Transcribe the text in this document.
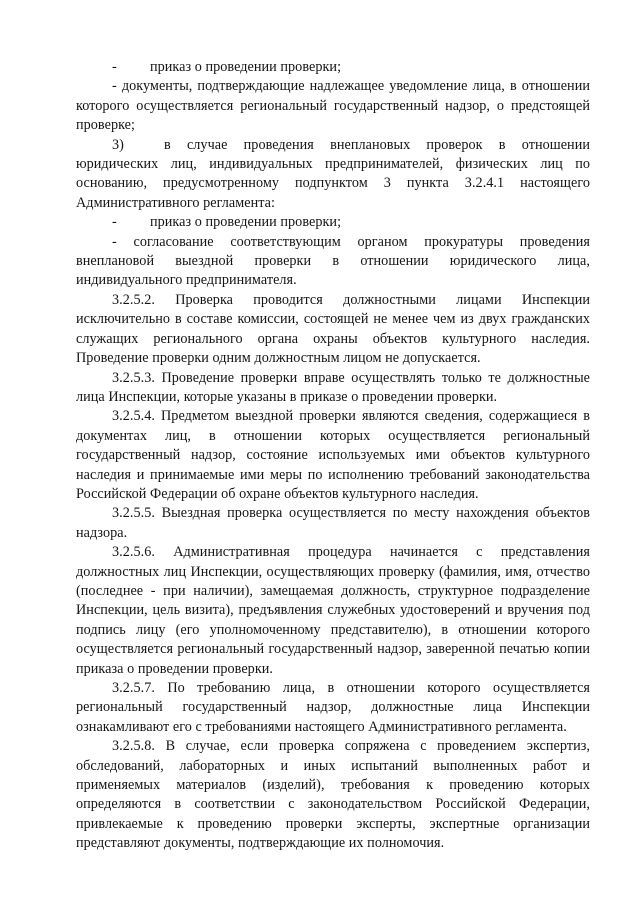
- приказ о проведении проверки;

- документы, подтверждающие надлежащее уведомление лица, в отношении которого осуществляется региональный государственный надзор, о предстоящей проверке;

3)	в случае проведения внеплановых проверок в отношении юридических лиц, индивидуальных предпринимателей, физических лиц по основанию, предусмотренному подпунктом 3 пункта 3.2.4.1 настоящего Административного регламента:

- приказ о проведении проверки;

- согласование соответствующим органом прокуратуры проведения внеплановой выездной проверки в отношении юридического лица, индивидуального предпринимателя.

3.2.5.2. Проверка проводится должностными лицами Инспекции исключительно в составе комиссии, состоящей не менее чем из двух гражданских служащих регионального органа охраны объектов культурного наследия. Проведение проверки одним должностным лицом не допускается.

3.2.5.3. Проведение проверки вправе осуществлять только те должностные лица Инспекции, которые указаны в приказе о проведении проверки.

3.2.5.4. Предметом выездной проверки являются сведения, содержащиеся в документах лиц, в отношении которых осуществляется региональный государственный надзор, состояние используемых ими объектов культурного наследия и принимаемые ими меры по исполнению требований законодательства Российской Федерации об охране объектов культурного наследия.

3.2.5.5. Выездная проверка осуществляется по месту нахождения объектов надзора.

3.2.5.6. Административная процедура начинается с представления должностных лиц Инспекции, осуществляющих проверку (фамилия, имя, отчество (последнее - при наличии), замещаемая должность, структурное подразделение Инспекции, цель визита), предъявления служебных удостоверений и вручения под подпись лицу (его уполномоченному представителю), в отношении которого осуществляется региональный государственный надзор, заверенной печатью копии приказа о проведении проверки.

3.2.5.7. По требованию лица, в отношении которого осуществляется региональный государственный надзор, должностные лица Инспекции ознакамливают его с требованиями настоящего Административного регламента.

3.2.5.8. В случае, если проверка сопряжена с проведением экспертиз, обследований, лабораторных и иных испытаний выполненных работ и применяемых материалов (изделий), требования к проведению которых определяются в соответствии с законодательством Российской Федерации, привлекаемые к проведению проверки эксперты, экспертные организации представляют документы, подтверждающие их полномочия.
